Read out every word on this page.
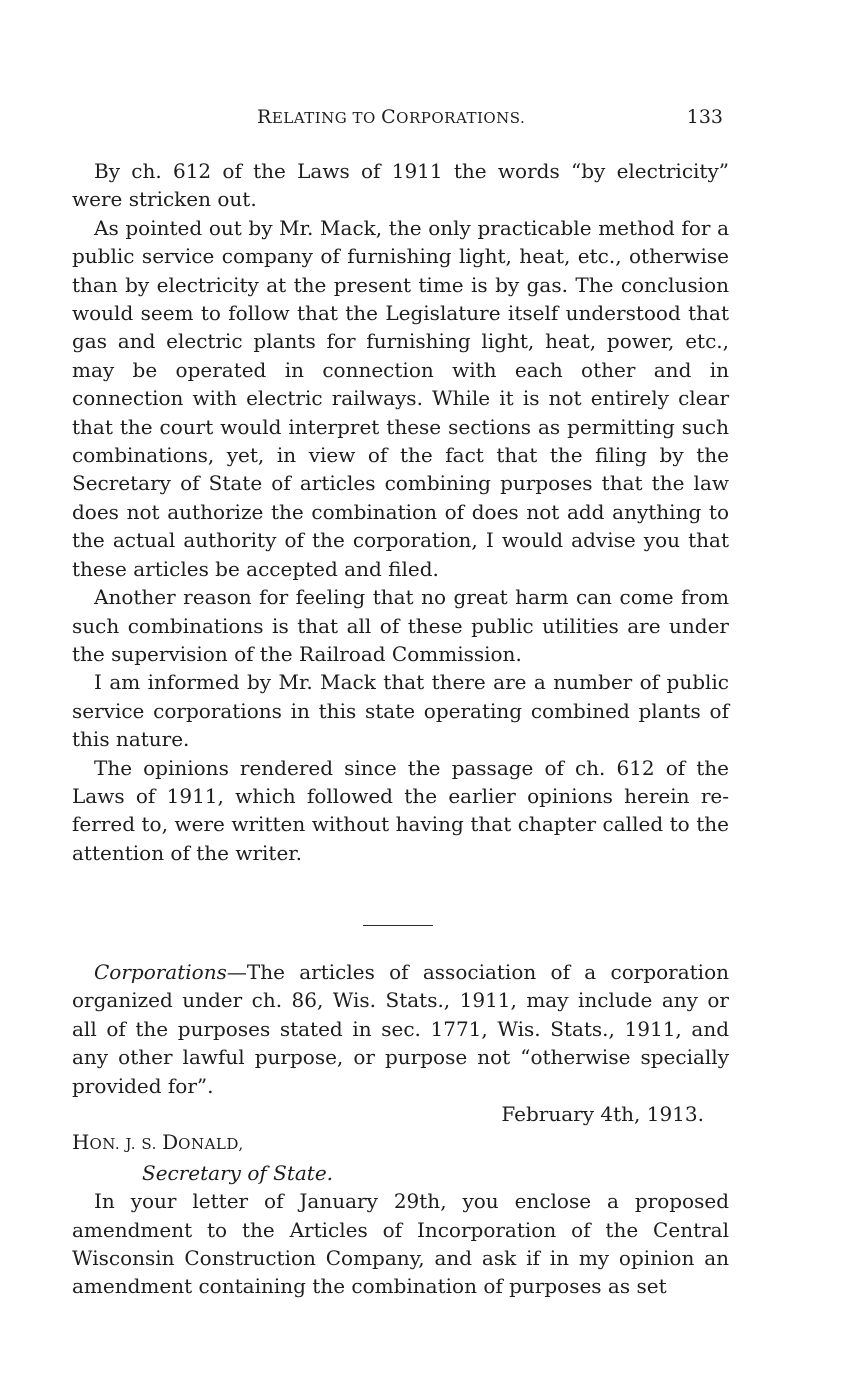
RELATING TO CORPORATIONS.	133

By ch. 612 of the Laws of 1911 the words “by electricity” were stricken out.

As pointed out by Mr. Mack, the only practicable method for a public service company of furnishing light, heat, etc., otherwise than by electricity at the present time is by gas. The conclusion would seem to follow that the Legislature itself understood that gas and electric plants for furnishing light, heat, power, etc., may be operated in connection with each other and in connection with electric railways. While it is not entirely clear that the court would interpret these sections as permitting such combinations, yet, in view of the fact that the filing by the Secretary of State of articles combining purposes that the law does not authorize the combination of does not add anything to the actual authority of the corporation, I would advise you that these articles be accepted and filed.

Another reason for feeling that no great harm can come from such combinations is that all of these public utilities are under the supervision of the Railroad Commission.

I am informed by Mr. Mack that there are a number of public service corporations in this state operating combined plants of this nature.

The opinions rendered since the passage of ch. 612 of the Laws of 1911, which followed the earlier opinions herein referred to, were written without having that chapter called to the attention of the writer.

Corporations—The articles of association of a corporation organized under ch. 86, Wis. Stats., 1911, may include any or all of the purposes stated in sec. 1771, Wis. Stats., 1911, and any other lawful purpose, or purpose not “otherwise specially provided for”.

February 4th, 1913.

HON. J. S. DONALD,

Secretary of State.

In your letter of January 29th, you enclose a proposed amendment to the Articles of Incorporation of the Central Wisconsin Construction Company, and ask if in my opinion an amendment containing the combination of purposes as set
